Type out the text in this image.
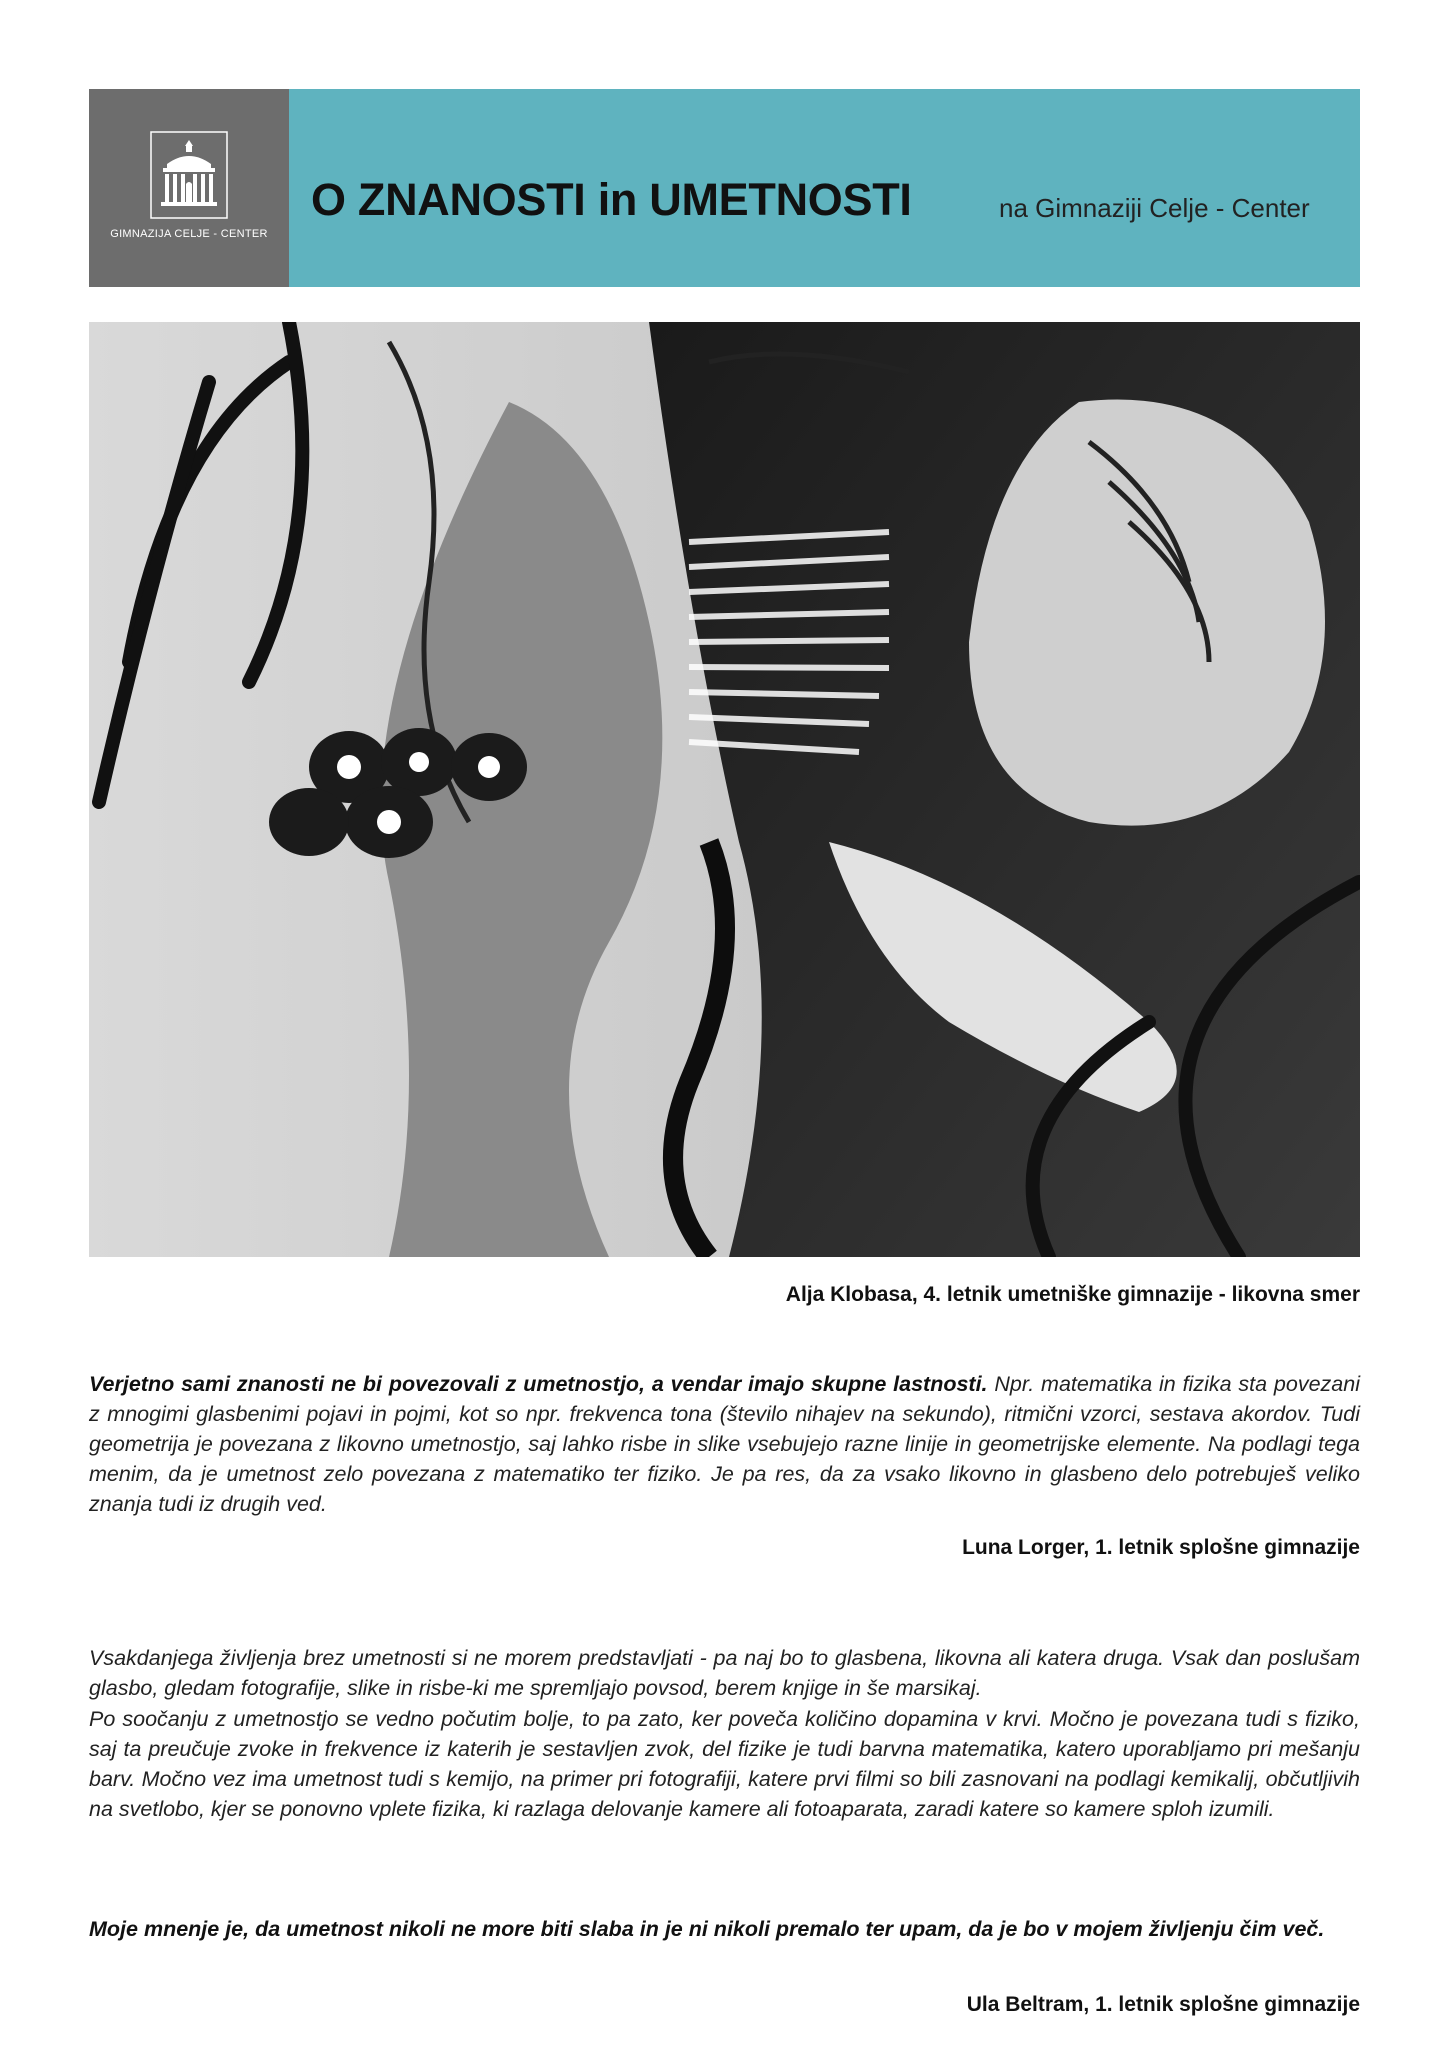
GIMNAZIJA CELJE - CENTER
O ZNANOSTI in UMETNOSTI	na Gimnaziji Celje - Center
Alja Klobasa, 4. letnik umetniške gimnazije - likovna smer

Verjetno sami znanosti ne bi povezovali z umetnostjo, a vendar imajo skupne lastnosti. Npr. matematika in fizika sta povezani z mnogimi glasbenimi pojavi in pojmi, kot so npr. frekvenca tona (število nihajev na sekundo), ritmični vzorci, sestava akordov. Tudi geometrija je povezana z likovno umetnostjo, saj lahko risbe in slike vsebujejo razne linije in geometrijske elemente. Na podlagi tega menim, da je umetnost zelo povezana z matematiko ter fiziko. Je pa res, da za vsako likovno in glasbeno delo potrebuješ veliko znanja tudi iz drugih ved.

Luna Lorger, 1. letnik splošne gimnazije

Vsakdanjega življenja brez umetnosti si ne morem predstavljati - pa naj bo to glasbena, likovna ali katera druga. Vsak dan poslušam glasbo, gledam fotografije, slike in risbe-ki me spremljajo povsod, berem knjige in še marsikaj.

Po soočanju z umetnostjo se vedno počutim bolje, to pa zato, ker poveča količino dopamina v krvi. Močno je povezana tudi s fiziko, saj ta preučuje zvoke in frekvence iz katerih je sestavljen zvok, del fizike je tudi barvna matematika, katero uporabljamo pri mešanju barv. Močno vez ima umetnost tudi s kemijo, na primer pri fotografiji, katere prvi filmi so bili zasnovani na podlagi kemikalij, občutljivih na svetlobo, kjer se ponovno vplete fizika, ki razlaga delovanje kamere ali fotoaparata, zaradi katere so kamere sploh izumili.

Moje mnenje je, da umetnost nikoli ne more biti slaba in je ni nikoli premalo ter upam, da je bo v mojem življenju čim več.

Ula Beltram, 1. letnik splošne gimnazije
